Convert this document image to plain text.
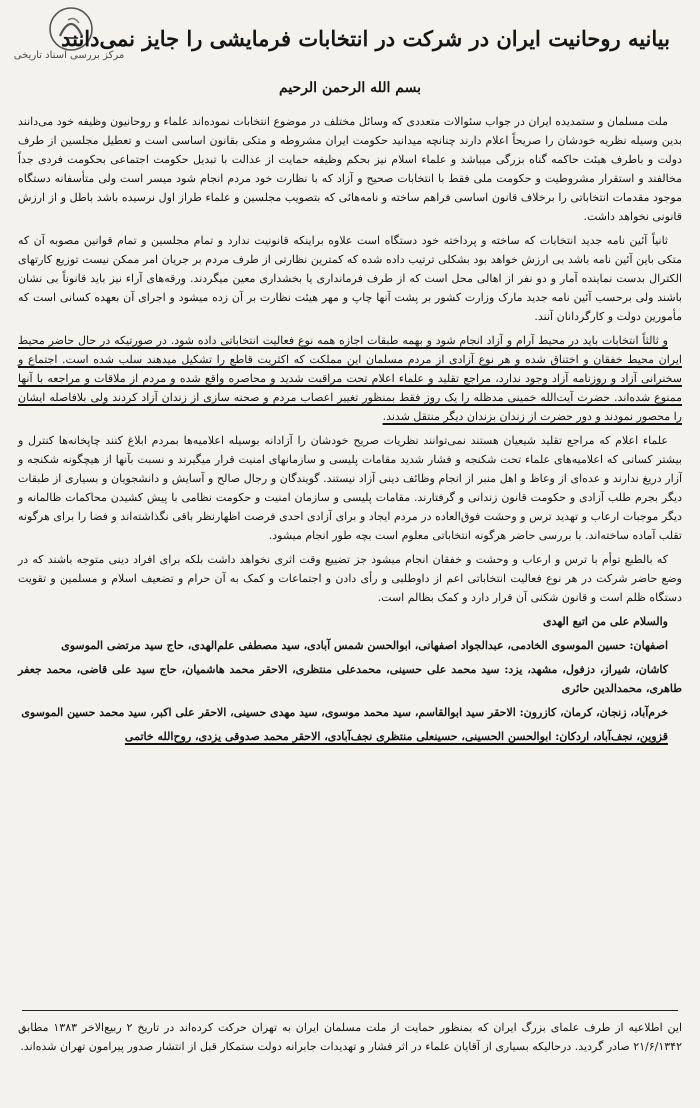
مرکز بررسی اسناد تاریخی
بیانیه روحانیت ایران در شرکت در انتخابات فرمایشی را جایز نمی‌دانند
بسم الله الرحمن الرحیم

ملت مسلمان و ستمدیده ایران در جواب سئوالات متعددی که وسائل مختلف در موضوع انتخابات نموده‌اند علماء و روحانیون وظیفه خود می‌دانند بدین وسیله نظریه خودشان را صریحاً اعلام دارند چنانچه میدانید حکومت ایران مشروطه و متکی بقانون اساسی است و تعطیل مجلسین از طرف دولت و باطرف هیئت حاکمه گناه بزرگی میباشد و علماء اسلام نیز بحکم وظیفه حمایت از عدالت با تبدیل حکومت اجتماعی بحکومت فردی جداً مخالفند و استقرار مشروطیت و حکومت ملی فقط با انتخابات صحیح و آزاد که با نظارت خود مردم انجام شود میسر است ولی متأسفانه دستگاه موجود مقدمات انتخاباتی را برخلاف قانون اساسی فراهم ساخته و نامه‌هائی که بتصویب مجلسین و علماء طراز اول نرسیده باشد باطل و از ارزش قانونی نخواهد داشت.

ثانیاً آئین نامه جدید انتخابات که ساخته و پرداخته خود دستگاه است علاوه براینکه قانونیت ندارد و تمام مجلسین و تمام قوانین مصوبه آن که متکی باین آئین نامه باشد بی ارزش خواهد بود بشکلی ترتیب داده شده که کمترین نظارتی از طرف مردم بر جریان امر ممکن نیست توزیع کارتهای الکترال بدست نماینده آمار و دو نفر از اهالی محل است که از طرف فرمانداری یا بخشداری معین میگردند. ورقه‌های آراء نیز باید قانوناً بی نشان باشند ولی برحسب آئین نامه جدید مارک وزارت کشور بر پشت آنها چاپ و مهر هیئت نظارت بر آن زده میشود و اجرای آن بعهده کسانی است که مأمورین دولت و کارگردانان آنند.

و ثالثاً انتخابات باید در محیط آرام و آزاد انجام شود و بهمه طبقات اجازه همه نوع فعالیت انتخاباتی داده شود. در صورتیکه در حال حاضر محیط ایران محیط خفقان و اختناق شده و هر نوع آزادی از مردم مسلمان این مملکت که اکثریت قاطع را تشکیل میدهند سلب شده است. اجتماع و سخنرانی آزاد و روزنامه آزاد وجود ندارد، مراجع تقلید و علماء اعلام تحت مراقبت شدید و محاصره واقع شده و مردم از ملاقات و مراجعه با آنها ممنوع شده‌اند. حضرت آیت‌الله خمینی مدظله را یک روز فقط بمنظور تغییر اعصاب مردم و صحنه سازی از زندان آزاد کردند ولی بلافاصله ایشان را محصور نمودند و دور حضرت از زندان بزندان دیگر منتقل شدند.

علماء اعلام که مراجع تقلید شیعیان هستند نمی‌توانند نظریات صریح خودشان را آزادانه بوسیله اعلامیه‌ها بمردم ابلاغ کنند چاپخانه‌ها کنترل و بیشتر کسانی که اعلامیه‌های علماء تحت شکنجه و فشار شدید مقامات پلیسی و سازمانهای امنیت قرار میگیرند و نسبت بآنها از هیچگونه شکنجه و آزار دریغ ندارند و عده‌ای از وعاظ و اهل منبر از انجام وظائف دینی آزاد نیستند. گویندگان و رجال صالح و آسایش و دانشجویان و بسیاری از طبقات دیگر بجرم طلب آزادی و حکومت قانون زندانی و گرفتارند. مقامات پلیسی و سازمان امنیت و حکومت نظامی با پیش کشیدن محاکمات ظالمانه و دیگر موجبات ارعاب و تهدید ترس و وحشت فوق‌العاده در مردم ایجاد و برای آزادی احدی فرصت اظهارنظر باقی نگذاشته‌اند و فضا را برای هرگونه تقلب آماده ساخته‌اند. با بررسی حاضر هرگونه انتخاباتی معلوم است بچه طور انجام میشود.

که بالطبع توأم با ترس و ارعاب و وحشت و خفقان انجام میشود جز تضییع وقت اثری نخواهد داشت بلکه برای افراد دینی متوجه باشند که در وضع حاضر شرکت در هر نوع فعالیت انتخاباتی اعم از داوطلبی و رأی دادن و اجتماعات و کمک به آن حرام و تضعیف اسلام و مسلمین و تقویت دستگاه ظلم است و قانون شکنی آن قرار دارد و کمک بظالم است.

والسلام علی من اتبع الهدی

اصفهان: حسین الموسوی الخادمی، عبدالجواد اصفهانی، ابوالحسن شمس آبادی، سید مصطفی علم‌الهدی، حاج سید مرتضی الموسوی

کاشان، شیراز، دزفول، مشهد، یزد: سید محمد علی حسینی، محمدعلی منتظری، الاحقر محمد هاشمیان، حاج سید علی قاضی، محمد جعفر طاهری، محمدالدین حائری

خرم‌آباد، زنجان، کرمان، کازرون: الاحقر سید ابوالقاسم، سید محمد موسوی، سید مهدی حسینی، الاحقر علی اکبر، سید محمد حسین الموسوی

قزوین، نجف‌آباد، اردکان: ابوالحسن الحسینی، حسینعلی منتظری نجف‌آبادی، الاحقر محمد صدوقی یزدی، روح‌الله خاتمی

این اطلاعیه از طرف علمای بزرگ ایران که بمنظور حمایت از ملت مسلمان ایران به تهران حرکت کرده‌اند در تاریخ ۲ ربیع‌الاخر ۱۳۸۳ مطابق ۲۱/۶/۱۳۴۲ صادر گردید. درحالیکه بسیاری از آقایان علماء در اثر فشار و تهدیدات جابرانه دولت ستمکار قبل از انتشار صدور پیرامون تهران شده‌اند.
